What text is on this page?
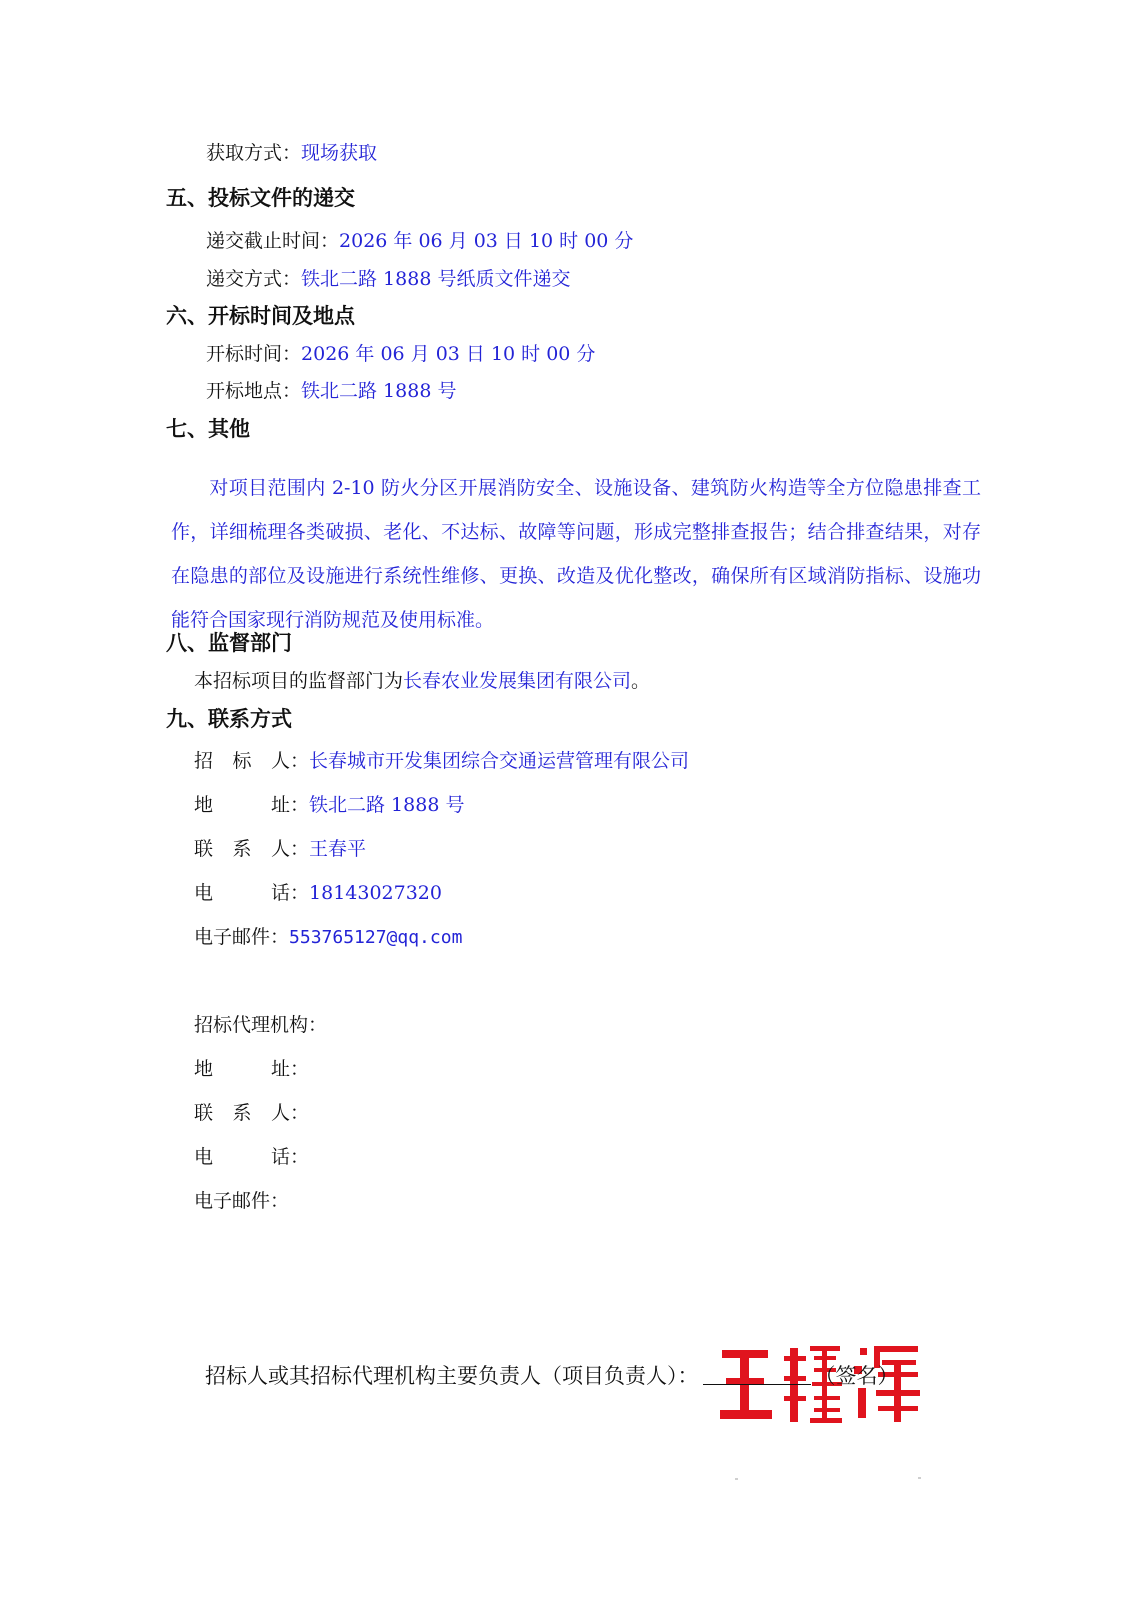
获取方式：现场获取
五、投标文件的递交
递交截止时间：2026 年 06 月 03 日 10 时 00 分
递交方式：铁北二路 1888 号纸质文件递交
六、开标时间及地点
开标时间：2026 年 06 月 03 日 10 时 00 分
开标地点：铁北二路 1888 号
七、其他
对项目范围内 2-10 防火分区开展消防安全、设施设备、建筑防火构造等全方位隐患排查工作，详细梳理各类破损、老化、不达标、故障等问题，形成完整排查报告；结合排查结果，对存在隐患的部位及设施进行系统性维修、更换、改造及优化整改，确保所有区域消防指标、设施功能符合国家现行消防规范及使用标准。
八、监督部门
本招标项目的监督部门为长春农业发展集团有限公司。
九、联系方式
招 标 人 ：长春城市开发集团综合交通运营管理有限公司
地	址 ：铁北二路 1888 号
联 系 人 ：王春平
电	话 ：18143027320
电子邮件：553765127@qq.com
招标代理机构：
地	址 ：
联 系 人 ：
电	话 ：
电子邮件：
招标人或其招标代理机构主要负责人（项目负责人）：	（签名）
